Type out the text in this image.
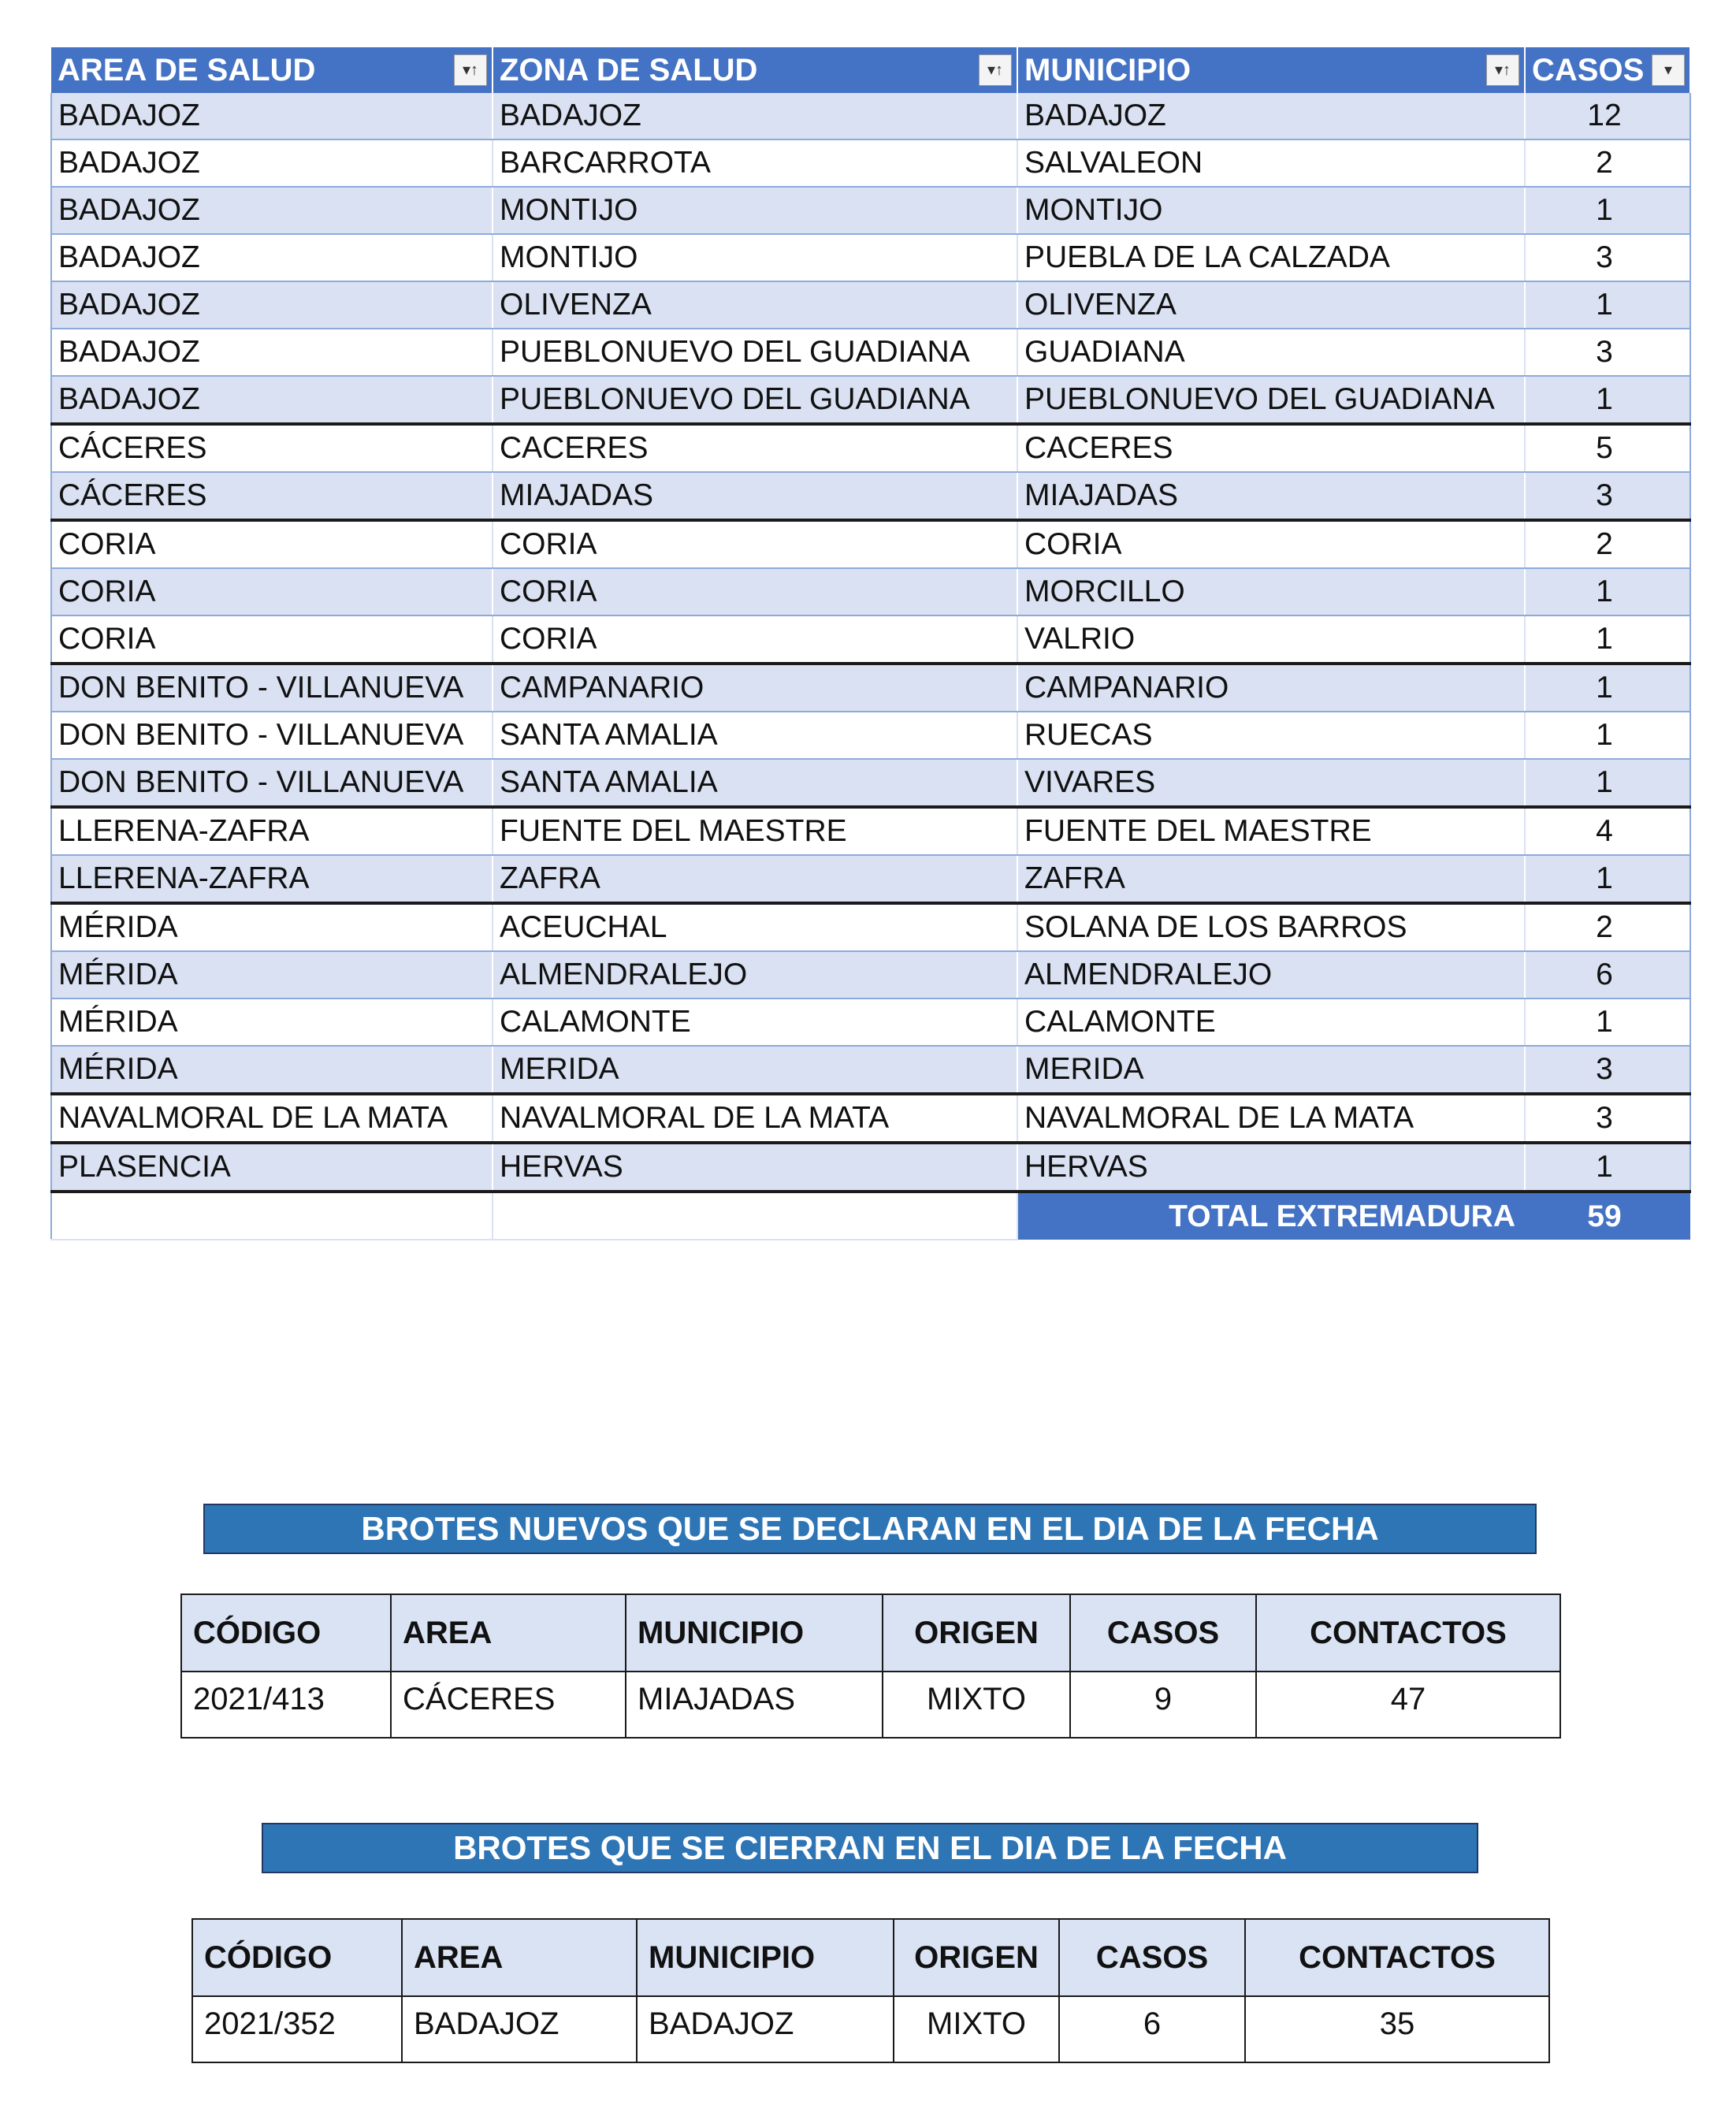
AREA DE SALUD ▾↑	ZONA DE SALUD ▾↑	MUNICIPIO ▾↑	CASOS ▾

BADAJOZ	BADAJOZ	BADAJOZ	12
BADAJOZ	BARCARROTA	SALVALEON	2
BADAJOZ	MONTIJO	MONTIJO	1
BADAJOZ	MONTIJO	PUEBLA DE LA CALZADA	3
BADAJOZ	OLIVENZA	OLIVENZA	1
BADAJOZ	PUEBLONUEVO DEL GUADIANA	GUADIANA	3
BADAJOZ	PUEBLONUEVO DEL GUADIANA	PUEBLONUEVO DEL GUADIANA	1
CÁCERES	CACERES	CACERES	5
CÁCERES	MIAJADAS	MIAJADAS	3
CORIA	CORIA	CORIA	2
CORIA	CORIA	MORCILLO	1
CORIA	CORIA	VALRIO	1
DON BENITO - VILLANUEVA	CAMPANARIO	CAMPANARIO	1
DON BENITO - VILLANUEVA	SANTA AMALIA	RUECAS	1
DON BENITO - VILLANUEVA	SANTA AMALIA	VIVARES	1
LLERENA-ZAFRA	FUENTE DEL MAESTRE	FUENTE DEL MAESTRE	4
LLERENA-ZAFRA	ZAFRA	ZAFRA	1
MÉRIDA	ACEUCHAL	SOLANA DE LOS BARROS	2
MÉRIDA	ALMENDRALEJO	ALMENDRALEJO	6
MÉRIDA	CALAMONTE	CALAMONTE	1
MÉRIDA	MERIDA	MERIDA	3
NAVALMORAL DE LA MATA	NAVALMORAL DE LA MATA	NAVALMORAL DE LA MATA	3
PLASENCIA	HERVAS	HERVAS	1
		TOTAL EXTREMADURA	59
BROTES NUEVOS QUE SE DECLARAN EN EL DIA DE LA FECHA
CÓDIGO	AREA	MUNICIPIO	ORIGEN	CASOS	CONTACTOS
2021/413	CÁCERES	MIAJADAS	MIXTO	9	47
BROTES QUE SE CIERRAN EN EL DIA DE LA FECHA
CÓDIGO	AREA	MUNICIPIO	ORIGEN	CASOS	CONTACTOS
2021/352	BADAJOZ	BADAJOZ	MIXTO	6	35
